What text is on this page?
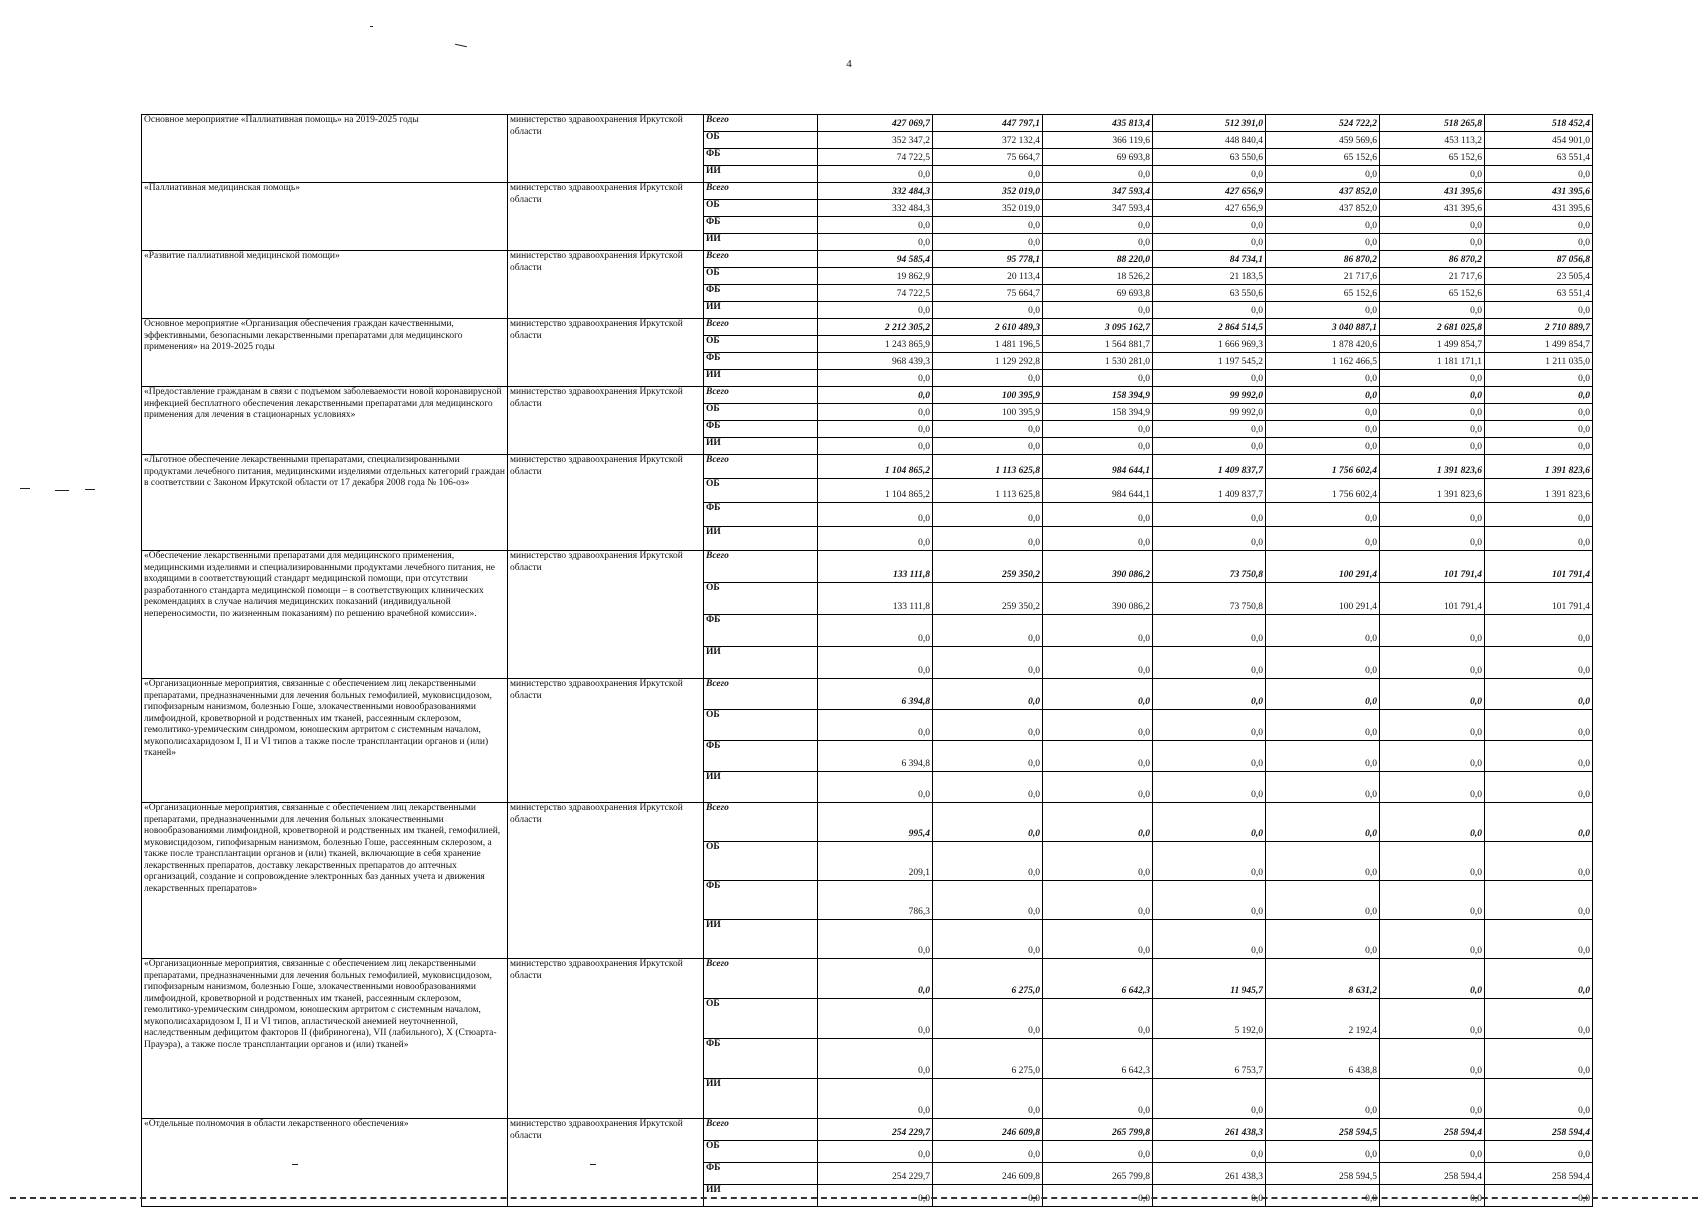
4
Основное мероприятие «Паллиативная помощь» на 2019-2025 годы	министерство здравоохранения Иркутской области	Всего	427 069,7	447 797,1	435 813,4	512 391,0	524 722,2	518 265,8	518 452,4
		ОБ	352 347,2	372 132,4	366 119,6	448 840,4	459 569,6	453 113,2	454 901,0
		ФБ	74 722,5	75 664,7	69 693,8	63 550,6	65 152,6	65 152,6	63 551,4
		ИИ	0,0	0,0	0,0	0,0	0,0	0,0	0,0
«Паллиативная медицинская помощь»	министерство здравоохранения Иркутской области	Всего	332 484,3	352 019,0	347 593,4	427 656,9	437 852,0	431 395,6	431 395,6
		ОБ	332 484,3	352 019,0	347 593,4	427 656,9	437 852,0	431 395,6	431 395,6
		ФБ	0,0	0,0	0,0	0,0	0,0	0,0	0,0
		ИИ	0,0	0,0	0,0	0,0	0,0	0,0	0,0
«Развитие паллиативной медицинской помощи»	министерство здравоохранения Иркутской области	Всего	94 585,4	95 778,1	88 220,0	84 734,1	86 870,2	86 870,2	87 056,8
		ОБ	19 862,9	20 113,4	18 526,2	21 183,5	21 717,6	21 717,6	23 505,4
		ФБ	74 722,5	75 664,7	69 693,8	63 550,6	65 152,6	65 152,6	63 551,4
		ИИ	0,0	0,0	0,0	0,0	0,0	0,0	0,0
Основное мероприятие «Организация обеспечения граждан качественными, эффективными, безопасными лекарственными препаратами для медицинского применения» на 2019-2025 годы	министерство здравоохранения Иркутской области	Всего	2 212 305,2	2 610 489,3	3 095 162,7	2 864 514,5	3 040 887,1	2 681 025,8	2 710 889,7
		ОБ	1 243 865,9	1 481 196,5	1 564 881,7	1 666 969,3	1 878 420,6	1 499 854,7	1 499 854,7
		ФБ	968 439,3	1 129 292,8	1 530 281,0	1 197 545,2	1 162 466,5	1 181 171,1	1 211 035,0
		ИИ	0,0	0,0	0,0	0,0	0,0	0,0	0,0
«Предоставление гражданам в связи с подъемом заболеваемости новой коронавирусной инфекцией бесплатного обеспечения лекарственными препаратами для медицинского применения для лечения в стационарных условиях»	министерство здравоохранения Иркутской области	Всего	0,0	100 395,9	158 394,9	99 992,0	0,0	0,0	0,0
		ОБ	0,0	100 395,9	158 394,9	99 992,0	0,0	0,0	0,0
		ФБ	0,0	0,0	0,0	0,0	0,0	0,0	0,0
		ИИ	0,0	0,0	0,0	0,0	0,0	0,0	0,0
«Льготное обеспечение лекарственными препаратами, специализированными продуктами лечебного питания, медицинскими изделиями отдельных категорий граждан в соответствии с Законом Иркутской области от 17 декабря 2008 года № 106-оз»	министерство здравоохранения Иркутской области	Всего	1 104 865,2	1 113 625,8	984 644,1	1 409 837,7	1 756 602,4	1 391 823,6	1 391 823,6
		ОБ	1 104 865,2	1 113 625,8	984 644,1	1 409 837,7	1 756 602,4	1 391 823,6	1 391 823,6
		ФБ	0,0	0,0	0,0	0,0	0,0	0,0	0,0
		ИИ	0,0	0,0	0,0	0,0	0,0	0,0	0,0
«Обеспечение лекарственными препаратами для медицинского применения, медицинскими изделиями и специализированными продуктами лечебного питания, не входящими в соответствующий стандарт медицинской помощи, при отсутствии разработанного стандарта медицинской помощи – в соответствующих клинических рекомендациях в случае наличия медицинских показаний (индивидуальной непереносимости, по жизненным показаниям) по решению врачебной комиссии».	министерство здравоохранения Иркутской области	Всего	133 111,8	259 350,2	390 086,2	73 750,8	100 291,4	101 791,4	101 791,4
		ОБ	133 111,8	259 350,2	390 086,2	73 750,8	100 291,4	101 791,4	101 791,4
		ФБ	0,0	0,0	0,0	0,0	0,0	0,0	0,0
		ИИ	0,0	0,0	0,0	0,0	0,0	0,0	0,0
«Организационные мероприятия, связанные с обеспечением лиц лекарственными препаратами, предназначенными для лечения больных гемофилией, муковисцидозом, гипофизарным нанизмом, болезнью Гоше, злокачественными новообразованиями лимфоидной, кроветворной и родственных им тканей, рассеянным склерозом, гемолитико-уремическим синдромом, юношеским артритом с системным началом, мукополисахаридозом I, II и VI типов а также после трансплантации органов и (или) тканей»	министерство здравоохранения Иркутской области	Всего	6 394,8	0,0	0,0	0,0	0,0	0,0	0,0
		ОБ	0,0	0,0	0,0	0,0	0,0	0,0	0,0
		ФБ	6 394,8	0,0	0,0	0,0	0,0	0,0	0,0
		ИИ	0,0	0,0	0,0	0,0	0,0	0,0	0,0
«Организационные мероприятия, связанные с обеспечением лиц лекарственными препаратами, предназначенными для лечения больных злокачественными новообразованиями лимфоидной, кроветворной и родственных им тканей, гемофилией, муковисцидозом, гипофизарным нанизмом, болезнью Гоше, рассеянным склерозом, а также после трансплантации органов и (или) тканей, включающие в себя хранение лекарственных препаратов, доставку лекарственных препаратов до аптечных организаций, создание и сопровождение электронных баз данных учета и движения лекарственных препаратов»	министерство здравоохранения Иркутской области	Всего	995,4	0,0	0,0	0,0	0,0	0,0	0,0
		ОБ	209,1	0,0	0,0	0,0	0,0	0,0	0,0
		ФБ	786,3	0,0	0,0	0,0	0,0	0,0	0,0
		ИИ	0,0	0,0	0,0	0,0	0,0	0,0	0,0
«Организационные мероприятия, связанные с обеспечением лиц лекарственными препаратами, предназначенными для лечения больных гемофилией, муковисцидозом, гипофизарным нанизмом, болезнью Гоше, злокачественными новообразованиями лимфоидной, кроветворной и родственных им тканей, рассеянным склерозом, гемолитико-уремическим синдромом, юношеским артритом с системным началом, мукополисахаридозом I, II и VI типов, апластической анемией неуточненной, наследственным дефицитом факторов II (фибриногена), VII (лабильного), X (Стюарта-Прауэра), а также после трансплантации органов и (или) тканей»	министерство здравоохранения Иркутской области	Всего	0,0	6 275,0	6 642,3	11 945,7	8 631,2	0,0	0,0
		ОБ	0,0	0,0	0,0	5 192,0	2 192,4	0,0	0,0
		ФБ	0,0	6 275,0	6 642,3	6 753,7	6 438,8	0,0	0,0
		ИИ	0,0	0,0	0,0	0,0	0,0	0,0	0,0
«Отдельные полномочия в области лекарственного обеспечения»	министерство здравоохранения Иркутской области	Всего	254 229,7	246 609,8	265 799,8	261 438,3	258 594,5	258 594,4	258 594,4
		ОБ	0,0	0,0	0,0	0,0	0,0	0,0	0,0
		ФБ	254 229,7	246 609,8	265 799,8	261 438,3	258 594,5	258 594,4	258 594,4
		ИИ	0,0	0,0	0,0	0,0	0,0	0,0	0,0
